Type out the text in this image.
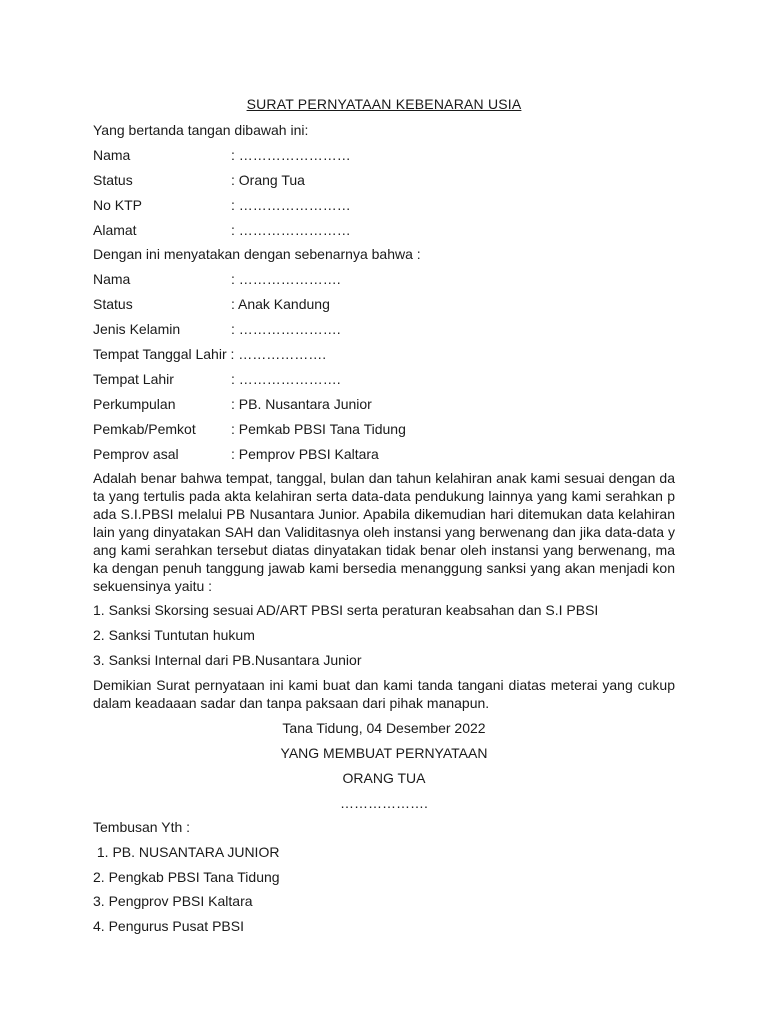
SURAT PERNYATAAN KEBENARAN USIA
Yang bertanda tangan dibawah ini:
Nama	: ……………………
Status	: Orang Tua
No KTP	: ……………………
Alamat	: ……………………
Dengan ini menyatakan dengan sebenarnya bahwa :
Nama	: ………………….
Status	: Anak Kandung
Jenis Kelamin	: ………………….
Tempat Tanggal Lahir : ……………….
Tempat Lahir	: ………………….
Perkumpulan	: PB. Nusantara Junior
Pemkab/Pemkot	: Pemkab PBSI Tana Tidung
Pemprov asal	: Pemprov PBSI Kaltara
Adalah benar bahwa tempat, tanggal, bulan dan tahun kelahiran anak kami sesuai dengan data yang tertulis pada akta kelahiran serta data-data pendukung lainnya yang kami serahkan pada S.I.PBSI melalui PB Nusantara Junior. Apabila dikemudian hari ditemukan data kelahiran lain yang dinyatakan SAH dan Validitasnya oleh instansi yang berwenang dan jika data-data yang kami serahkan tersebut diatas dinyatakan tidak benar oleh instansi yang berwenang, maka dengan penuh tanggung jawab kami bersedia menanggung sanksi yang akan menjadi konsekuensinya yaitu :
1. Sanksi Skorsing sesuai AD/ART PBSI serta peraturan keabsahan dan S.I PBSI
2. Sanksi Tuntutan hukum
3. Sanksi Internal dari PB.Nusantara Junior
Demikian Surat pernyataan ini kami buat dan kami tanda tangani diatas meterai yang cukup dalam keadaaan sadar dan tanpa paksaan dari pihak manapun.
Tana Tidung, 04 Desember 2022
YANG MEMBUAT PERNYATAAN
ORANG TUA
……………….
Tembusan Yth :
1. PB. NUSANTARA JUNIOR
2. Pengkab PBSI Tana Tidung
3. Pengprov PBSI Kaltara
4. Pengurus Pusat PBSI
